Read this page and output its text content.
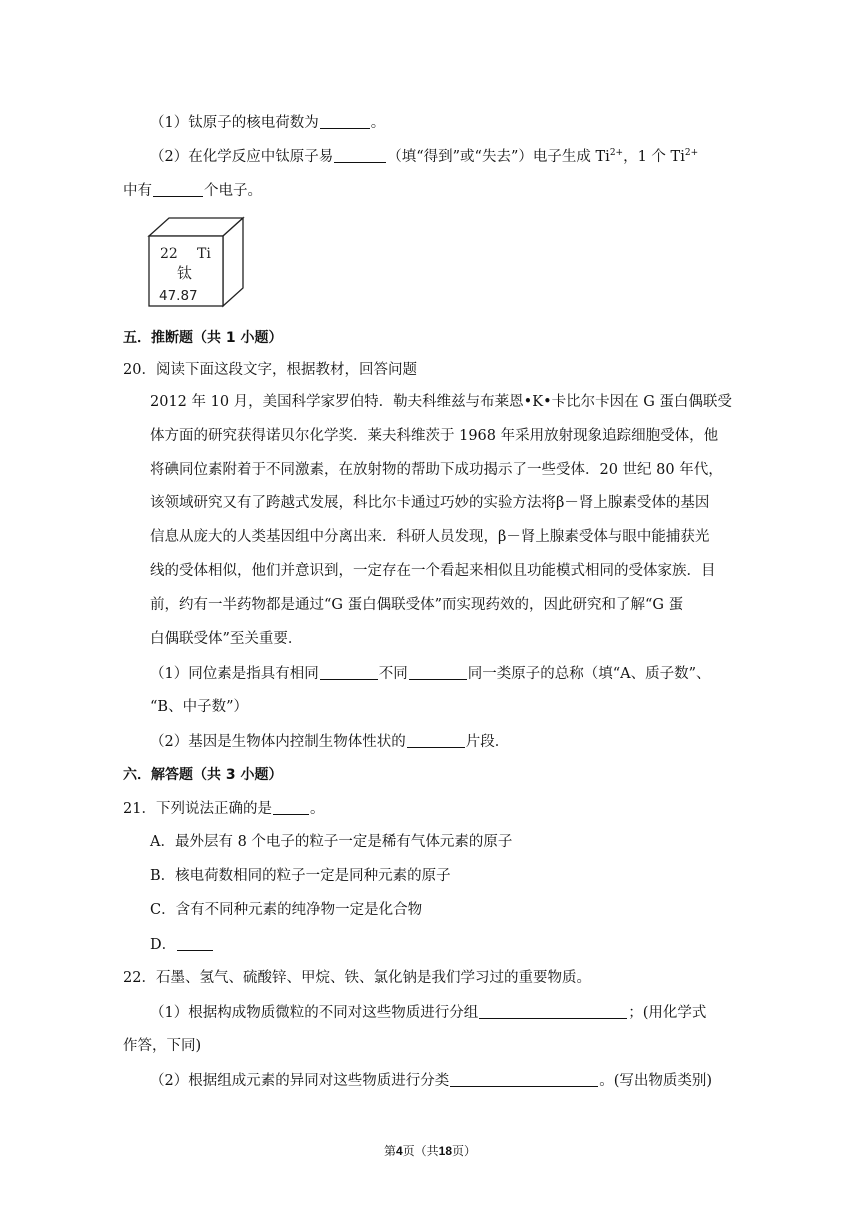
（1）钛原子的核电荷数为	。
（2）在化学反应中钛原子易	（填“得到”或“失去”）电子生成 $Ti^{2+}$，1 个 $Ti^{2+}$
中有	个电子。
22 Ti
钛
47.87
五．推断题（共 1 小题）
20．阅读下面这段文字，根据教材，回答问题
2012 年 10 月，美国科学家罗伯特．勒夫科维兹与布莱恩•K•卡比尔卡因在 G 蛋白偶联受
体方面的研究获得诺贝尔化学奖．莱夫科维茨于 1968 年采用放射现象追踪细胞受体，他
将碘同位素附着于不同激素，在放射物的帮助下成功揭示了一些受体．20 世纪 80 年代，
该领域研究又有了跨越式发展，科比尔卡通过巧妙的实验方法将β－肾上腺素受体的基因
信息从庞大的人类基因组中分离出来．科研人员发现，β－肾上腺素受体与眼中能捕获光
线的受体相似，他们并意识到，一定存在一个看起来相似且功能模式相同的受体家族．目
前，约有一半药物都是通过“G 蛋白偶联受体”而实现药效的，因此研究和了解“G 蛋
白偶联受体”至关重要．
（1）同位素是指具有相同	不同	同一类原子的总称（填“A、质子数”、
“B、中子数”）
（2）基因是生物体内控制生物体性状的	片段．
六．解答题（共 3 小题）
21．下列说法正确的是	。
A．最外层有 8 个电子的粒子一定是稀有气体元素的原子
B．核电荷数相同的粒子一定是同种元素的原子
C．含有不同种元素的纯净物一定是化合物
D．
22．石墨、氢气、硫酸锌、甲烷、铁、氯化钠是我们学习过的重要物质。
（1）根据构成物质微粒的不同对这些物质进行分组	；(用化学式
作答，下同)
（2）根据组成元素的异同对这些物质进行分类	。(写出物质类别)
第4页（共18页）
